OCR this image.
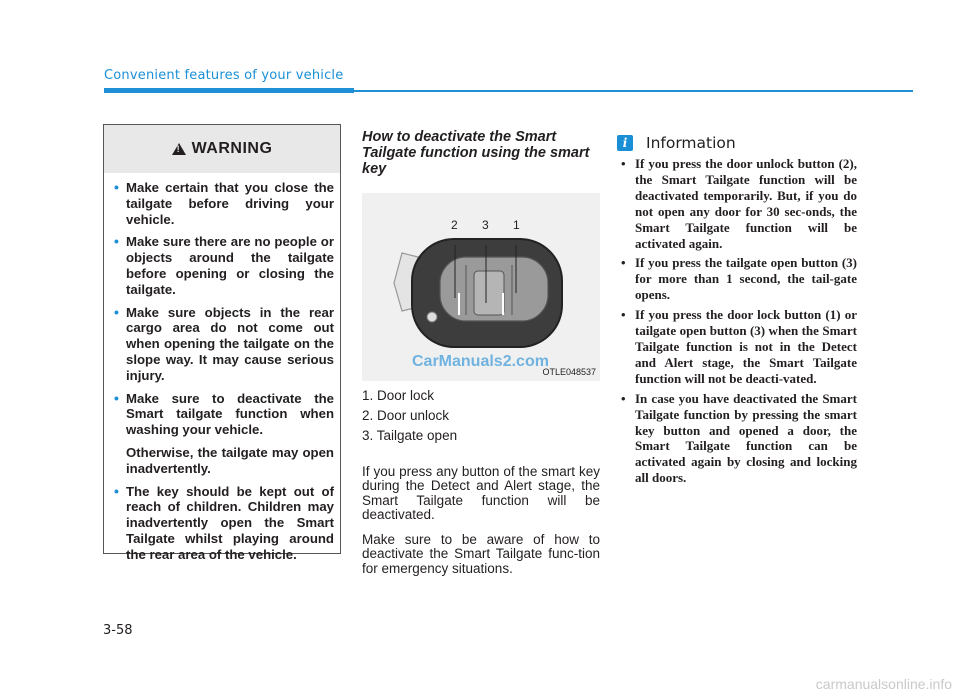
Convenient features of your vehicle
!
WARNING
• Make certain that you close the tailgate before driving your vehicle.
• Make sure there are no people or objects around the tailgate before opening or closing the tailgate.
• Make sure objects in the rear cargo area do not come out when opening the tailgate on the slope way. It may cause serious injury.
• Make sure to deactivate the Smart tailgate function when washing your vehicle.
Otherwise, the tailgate may open inadvertently.
• The key should be kept out of reach of children. Children may inadvertently open the Smart Tailgate whilst playing around the rear area of the vehicle.
How to deactivate the Smart Tailgate function using the smart key
2 3 1
CarManuals2.com
OTLE048537
1. Door lock
2. Door unlock
3. Tailgate open
If you press any button of the smart key during the Detect and Alert stage, the Smart Tailgate function will be deactivated.
Make sure to be aware of how to deactivate the Smart Tailgate func-tion for emergency situations.
i	Information
• If you press the door unlock button (2), the Smart Tailgate function will be deactivated temporarily. But, if you do not open any door for 30 sec-onds, the Smart Tailgate function will be activated again.
• If you press the tailgate open button (3) for more than 1 second, the tail-gate opens.
• If you press the door lock button (1) or tailgate open button (3) when the Smart Tailgate function is not in the Detect and Alert stage, the Smart Tailgate function will not be deacti-vated.
• In case you have deactivated the Smart Tailgate function by pressing the smart key button and opened a door, the Smart Tailgate function can be activated again by closing and locking all doors.
3-58
carmanualsonline.info
